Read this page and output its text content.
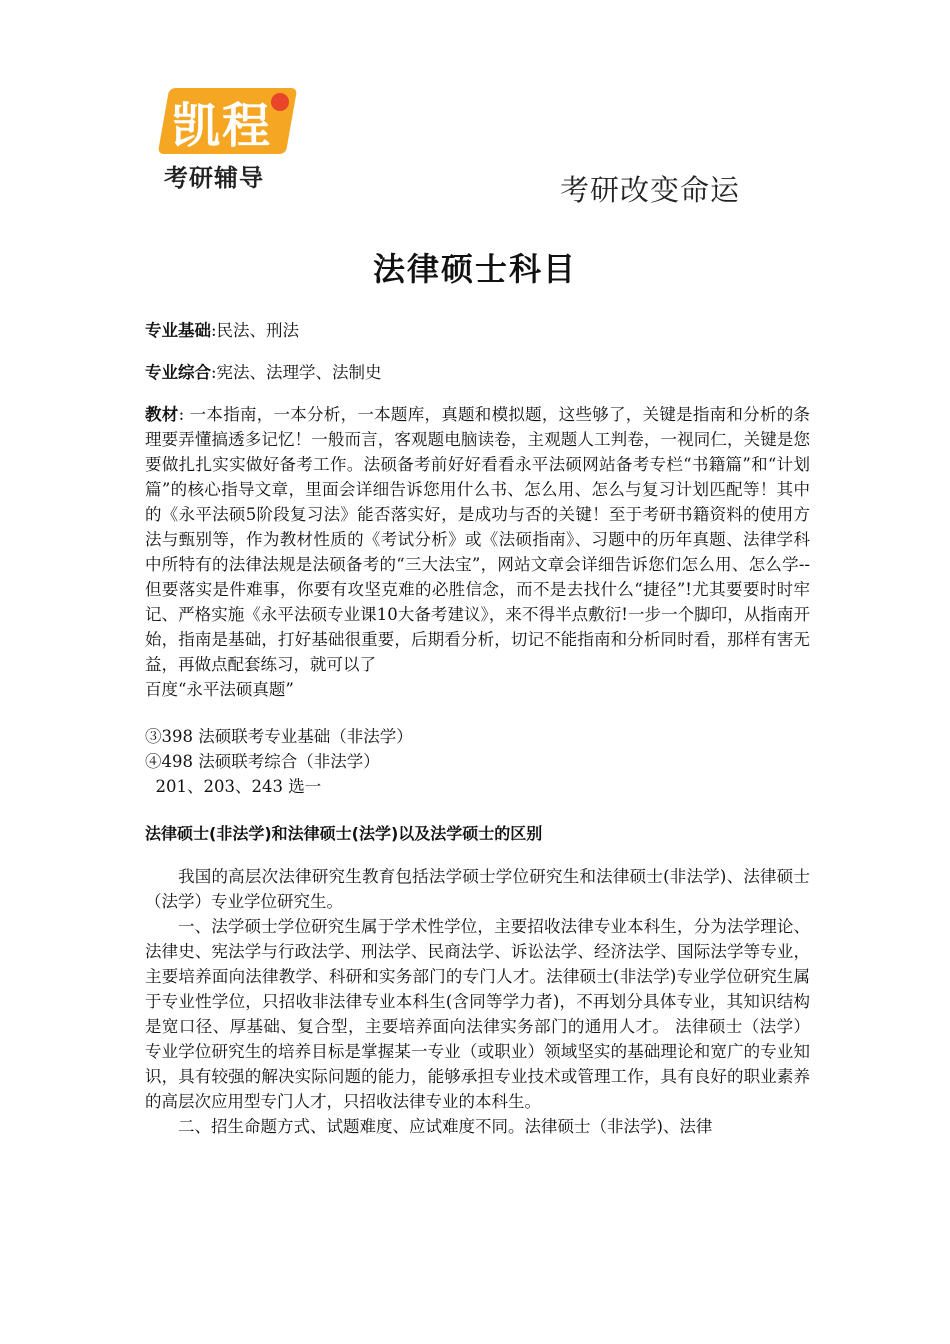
凯程
考研辅导	考研改变命运
法律硕士科目

专业基础:民法、刑法

专业综合:宪法、法理学、法制史

教材: 一本指南，一本分析，一本题库，真题和模拟题，这些够了，关键是指南和分析的条理要弄懂搞透多记忆！一般而言，客观题电脑读卷，主观题人工判卷，一视同仁，关键是您要做扎扎实实做好备考工作。法硕备考前好好看看永平法硕网站备考专栏“书籍篇”和“计划篇”的核心指导文章，里面会详细告诉您用什么书、怎么用、怎么与复习计划匹配等！其中的《永平法硕5阶段复习法》能否落实好，是成功与否的关键！至于考研书籍资料的使用方法与甄别等，作为教材性质的《考试分析》或《法硕指南》、习题中的历年真题、法律学科中所特有的法律法规是法硕备考的“三大法宝”，网站文章会详细告诉您们怎么用、怎么学--但要落实是件难事，你要有攻坚克难的必胜信念，而不是去找什么“捷径”!尤其要要时时牢记、严格实施《永平法硕专业课10大备考建议》，来不得半点敷衍!一步一个脚印，从指南开始，指南是基础，打好基础很重要，后期看分析，切记不能指南和分析同时看，那样有害无益，再做点配套练习，就可以了

百度“永平法硕真题”

③398 法硕联考专业基础（非法学）

④498 法硕联考综合（非法学）

201、203、243 选一

法律硕士(非法学)和法律硕士(法学)以及法学硕士的区别

我国的高层次法律研究生教育包括法学硕士学位研究生和法律硕士(非法学)、法律硕士（法学）专业学位研究生。

一、法学硕士学位研究生属于学术性学位，主要招收法律专业本科生，分为法学理论、法律史、宪法学与行政法学、刑法学、民商法学、诉讼法学、经济法学、国际法学等专业，主要培养面向法律教学、科研和实务部门的专门人才。法律硕士(非法学)专业学位研究生属于专业性学位，只招收非法律专业本科生(含同等学力者)，不再划分具体专业，其知识结构是宽口径、厚基础、复合型，主要培养面向法律实务部门的通用人才。 法律硕士（法学）专业学位研究生的培养目标是掌握某一专业（或职业）领域坚实的基础理论和宽广的专业知识，具有较强的解决实际问题的能力，能够承担专业技术或管理工作，具有良好的职业素养的高层次应用型专门人才，只招收法律专业的本科生。

二、招生命题方式、试题难度、应试难度不同。法律硕士（非法学)、法律
